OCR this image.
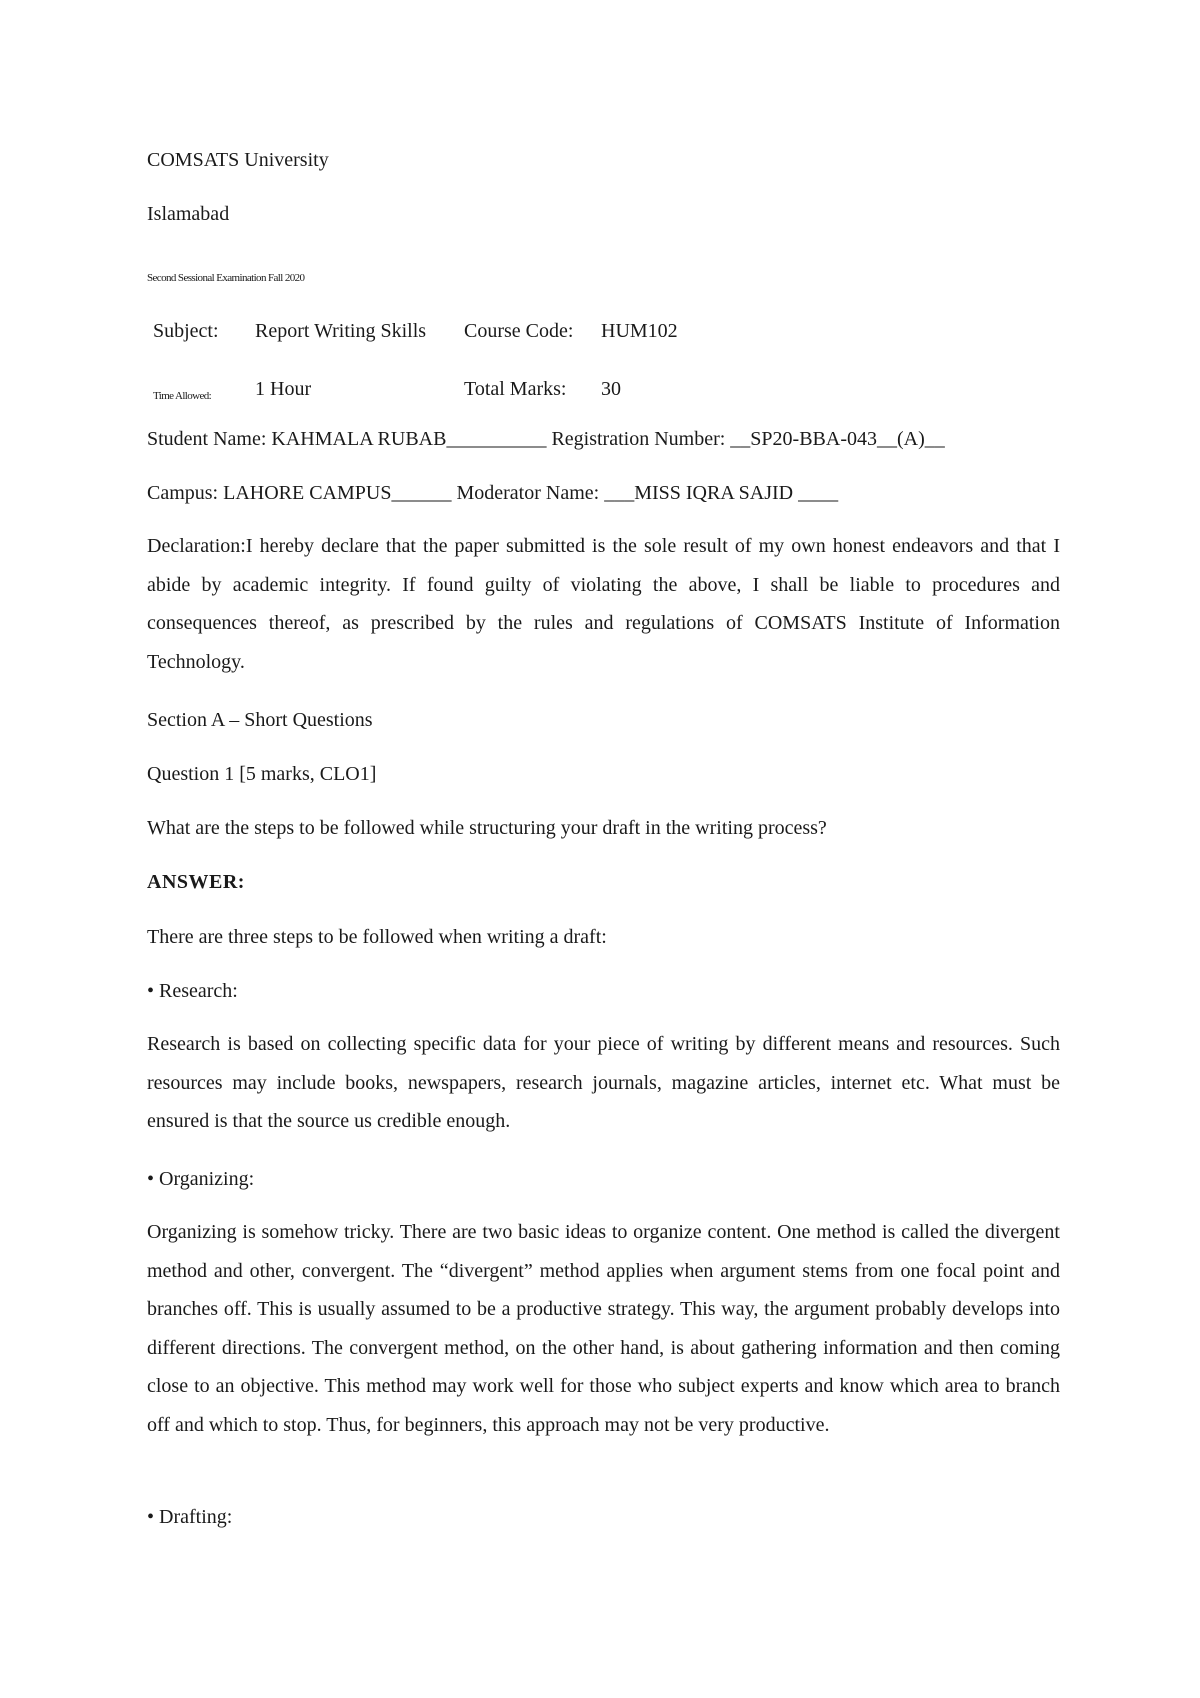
COMSATS University
Islamabad
Second Sessional Examination Fall 2020
Subject: Report Writing Skills Course Code: HUM102
Time Allowed: 1 Hour	Total Marks: 30
Student Name: KAHMALA RUBAB__________ Registration Number: __SP20-BBA-043__(A)__
Campus: LAHORE CAMPUS______ Moderator Name: ___MISS IQRA SAJID ____

Declaration:I hereby declare that the paper submitted is the sole result of my own honest endeavors and that I abide by academic integrity. If found guilty of violating the above, I shall be liable to procedures and consequences thereof, as prescribed by the rules and regulations of COMSATS Institute of Information Technology.

Section A – Short Questions
Question 1 [5 marks, CLO1]
What are the steps to be followed while structuring your draft in the writing process?
ANSWER:
There are three steps to be followed when writing a draft:
• Research:

Research is based on collecting specific data for your piece of writing by different means and resources. Such resources may include books, newspapers, research journals, magazine articles, internet etc. What must be ensured is that the source us credible enough.

• Organizing:

Organizing is somehow tricky. There are two basic ideas to organize content. One method is called the divergent method and other, convergent. The “divergent” method applies when argument stems from one focal point and branches off. This is usually assumed to be a productive strategy. This way, the argument probably develops into different directions. The convergent method, on the other hand, is about gathering information and then coming close to an objective. This method may work well for those who subject experts and know which area to branch off and which to stop. Thus, for beginners, this approach may not be very productive.

• Drafting:
